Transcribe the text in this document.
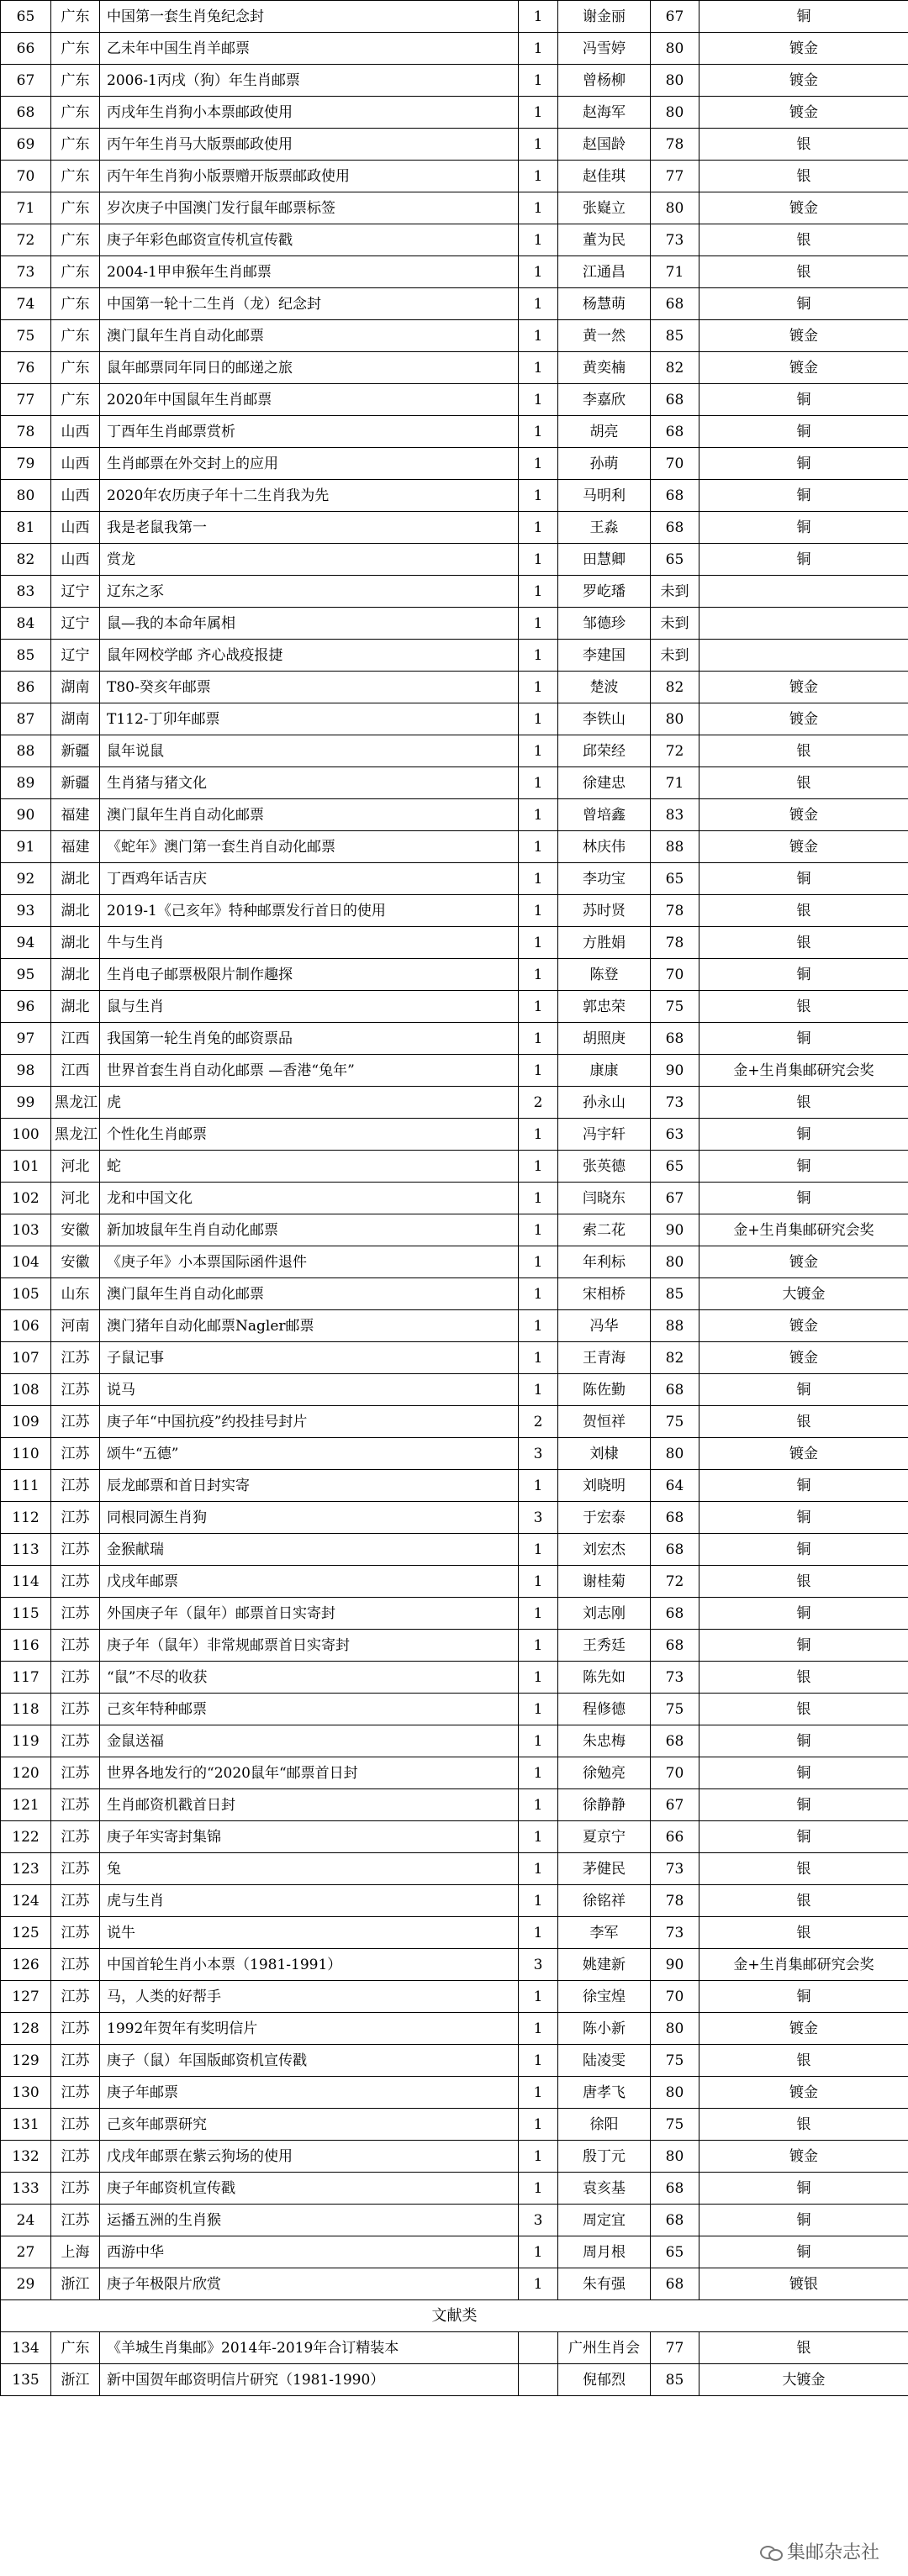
65	广东	中国第一套生肖兔纪念封	1	谢金丽	67	铜
66	广东	乙未年中国生肖羊邮票	1	冯雪婷	80	镀金
67	广东	2006-1丙戌（狗）年生肖邮票	1	曾杨柳	80	镀金
68	广东	丙戌年生肖狗小本票邮政使用	1	赵海军	80	镀金
69	广东	丙午年生肖马大版票邮政使用	1	赵国龄	78	银
70	广东	丙午年生肖狗小版票赠开版票邮政使用	1	赵佳琪	77	银
71	广东	岁次庚子中国澳门发行鼠年邮票标签	1	张嶷立	80	镀金
72	广东	庚子年彩色邮资宣传机宣传戳	1	董为民	73	银
73	广东	2004-1甲申猴年生肖邮票	1	江通昌	71	银
74	广东	中国第一轮十二生肖（龙）纪念封	1	杨慧萌	68	铜
75	广东	澳门鼠年生肖自动化邮票	1	黄一然	85	镀金
76	广东	鼠年邮票同年同日的邮递之旅	1	黄奕楠	82	镀金
77	广东	2020年中国鼠年生肖邮票	1	李嘉欣	68	铜
78	山西	丁酉年生肖邮票赏析	1	胡亮	68	铜
79	山西	生肖邮票在外交封上的应用	1	孙萌	70	铜
80	山西	2020年农历庚子年十二生肖我为先	1	马明利	68	铜
81	山西	我是老鼠我第一	1	王淼	68	铜
82	山西	赏龙	1	田慧卿	65	铜
83	辽宁	辽东之豕	1	罗屹璠	未到	
84	辽宁	鼠—我的本命年属相	1	邹德珍	未到	
85	辽宁	鼠年网校学邮 齐心战疫报捷	1	李建国	未到	
86	湖南	T80-癸亥年邮票	1	楚波	82	镀金
87	湖南	T112-丁卯年邮票	1	李铁山	80	镀金
88	新疆	鼠年说鼠	1	邱荣经	72	银
89	新疆	生肖猪与猪文化	1	徐建忠	71	银
90	福建	澳门鼠年生肖自动化邮票	1	曾培鑫	83	镀金
91	福建	《蛇年》澳门第一套生肖自动化邮票	1	林庆伟	88	镀金
92	湖北	丁酉鸡年话吉庆	1	李功宝	65	铜
93	湖北	2019-1《己亥年》特种邮票发行首日的使用	1	苏时贤	78	银
94	湖北	牛与生肖	1	方胜娟	78	银
95	湖北	生肖电子邮票极限片制作趣探	1	陈登	70	铜
96	湖北	鼠与生肖	1	郭忠荣	75	银
97	江西	我国第一轮生肖兔的邮资票品	1	胡照庚	68	铜
98	江西	世界首套生肖自动化邮票 —香港“兔年”	1	康康	90	金+生肖集邮研究会奖
99	黑龙江	虎	2	孙永山	73	银
100	黑龙江	个性化生肖邮票	1	冯宇轩	63	铜
101	河北	蛇	1	张英德	65	铜
102	河北	龙和中国文化	1	闫晓东	67	铜
103	安徽	新加坡鼠年生肖自动化邮票	1	索二花	90	金+生肖集邮研究会奖
104	安徽	《庚子年》小本票国际函件退件	1	年利标	80	镀金
105	山东	澳门鼠年生肖自动化邮票	1	宋相桥	85	大镀金
106	河南	澳门猪年自动化邮票Nagler邮票	1	冯华	88	镀金
107	江苏	子鼠记事	1	王青海	82	镀金
108	江苏	说马	1	陈佐勤	68	铜
109	江苏	庚子年“中国抗疫”约投挂号封片	2	贺恒祥	75	银
110	江苏	颂牛“五德”	3	刘棣	80	镀金
111	江苏	辰龙邮票和首日封实寄	1	刘晓明	64	铜
112	江苏	同根同源生肖狗	3	于宏泰	68	铜
113	江苏	金猴献瑞	1	刘宏杰	68	铜
114	江苏	戊戌年邮票	1	谢桂菊	72	银
115	江苏	外国庚子年（鼠年）邮票首日实寄封	1	刘志刚	68	铜
116	江苏	庚子年（鼠年）非常规邮票首日实寄封	1	王秀廷	68	铜
117	江苏	“鼠”不尽的收获	1	陈先如	73	银
118	江苏	己亥年特种邮票	1	程修德	75	银
119	江苏	金鼠送福	1	朱忠梅	68	铜
120	江苏	世界各地发行的“2020鼠年“邮票首日封	1	徐勉亮	70	铜
121	江苏	生肖邮资机戳首日封	1	徐静静	67	铜
122	江苏	庚子年实寄封集锦	1	夏京宁	66	铜
123	江苏	兔	1	茅健民	73	银
124	江苏	虎与生肖	1	徐铭祥	78	银
125	江苏	说牛	1	李军	73	银
126	江苏	中国首轮生肖小本票（1981-1991）	3	姚建新	90	金+生肖集邮研究会奖
127	江苏	马，人类的好帮手	1	徐宝煌	70	铜
128	江苏	1992年贺年有奖明信片	1	陈小新	80	镀金
129	江苏	庚子（鼠）年国版邮资机宣传戳	1	陆凌雯	75	银
130	江苏	庚子年邮票	1	唐孝飞	80	镀金
131	江苏	己亥年邮票研究	1	徐阳	75	银
132	江苏	戊戌年邮票在紫云狗场的使用	1	殷丁元	80	镀金
133	江苏	庚子年邮资机宣传戳	1	袁亥基	68	铜
24	江苏	运播五洲的生肖猴	3	周定宜	68	铜
27	上海	西游中华	1	周月根	65	铜
29	浙江	庚子年极限片欣赏	1	朱有强	68	镀银
文献类						
134	广东	《羊城生肖集邮》2014年-2019年合订精装本		广州生肖会	77	银
135	浙江	新中国贺年邮资明信片研究（1981-1990）		倪郁烈	85	大镀金
集邮杂志社
